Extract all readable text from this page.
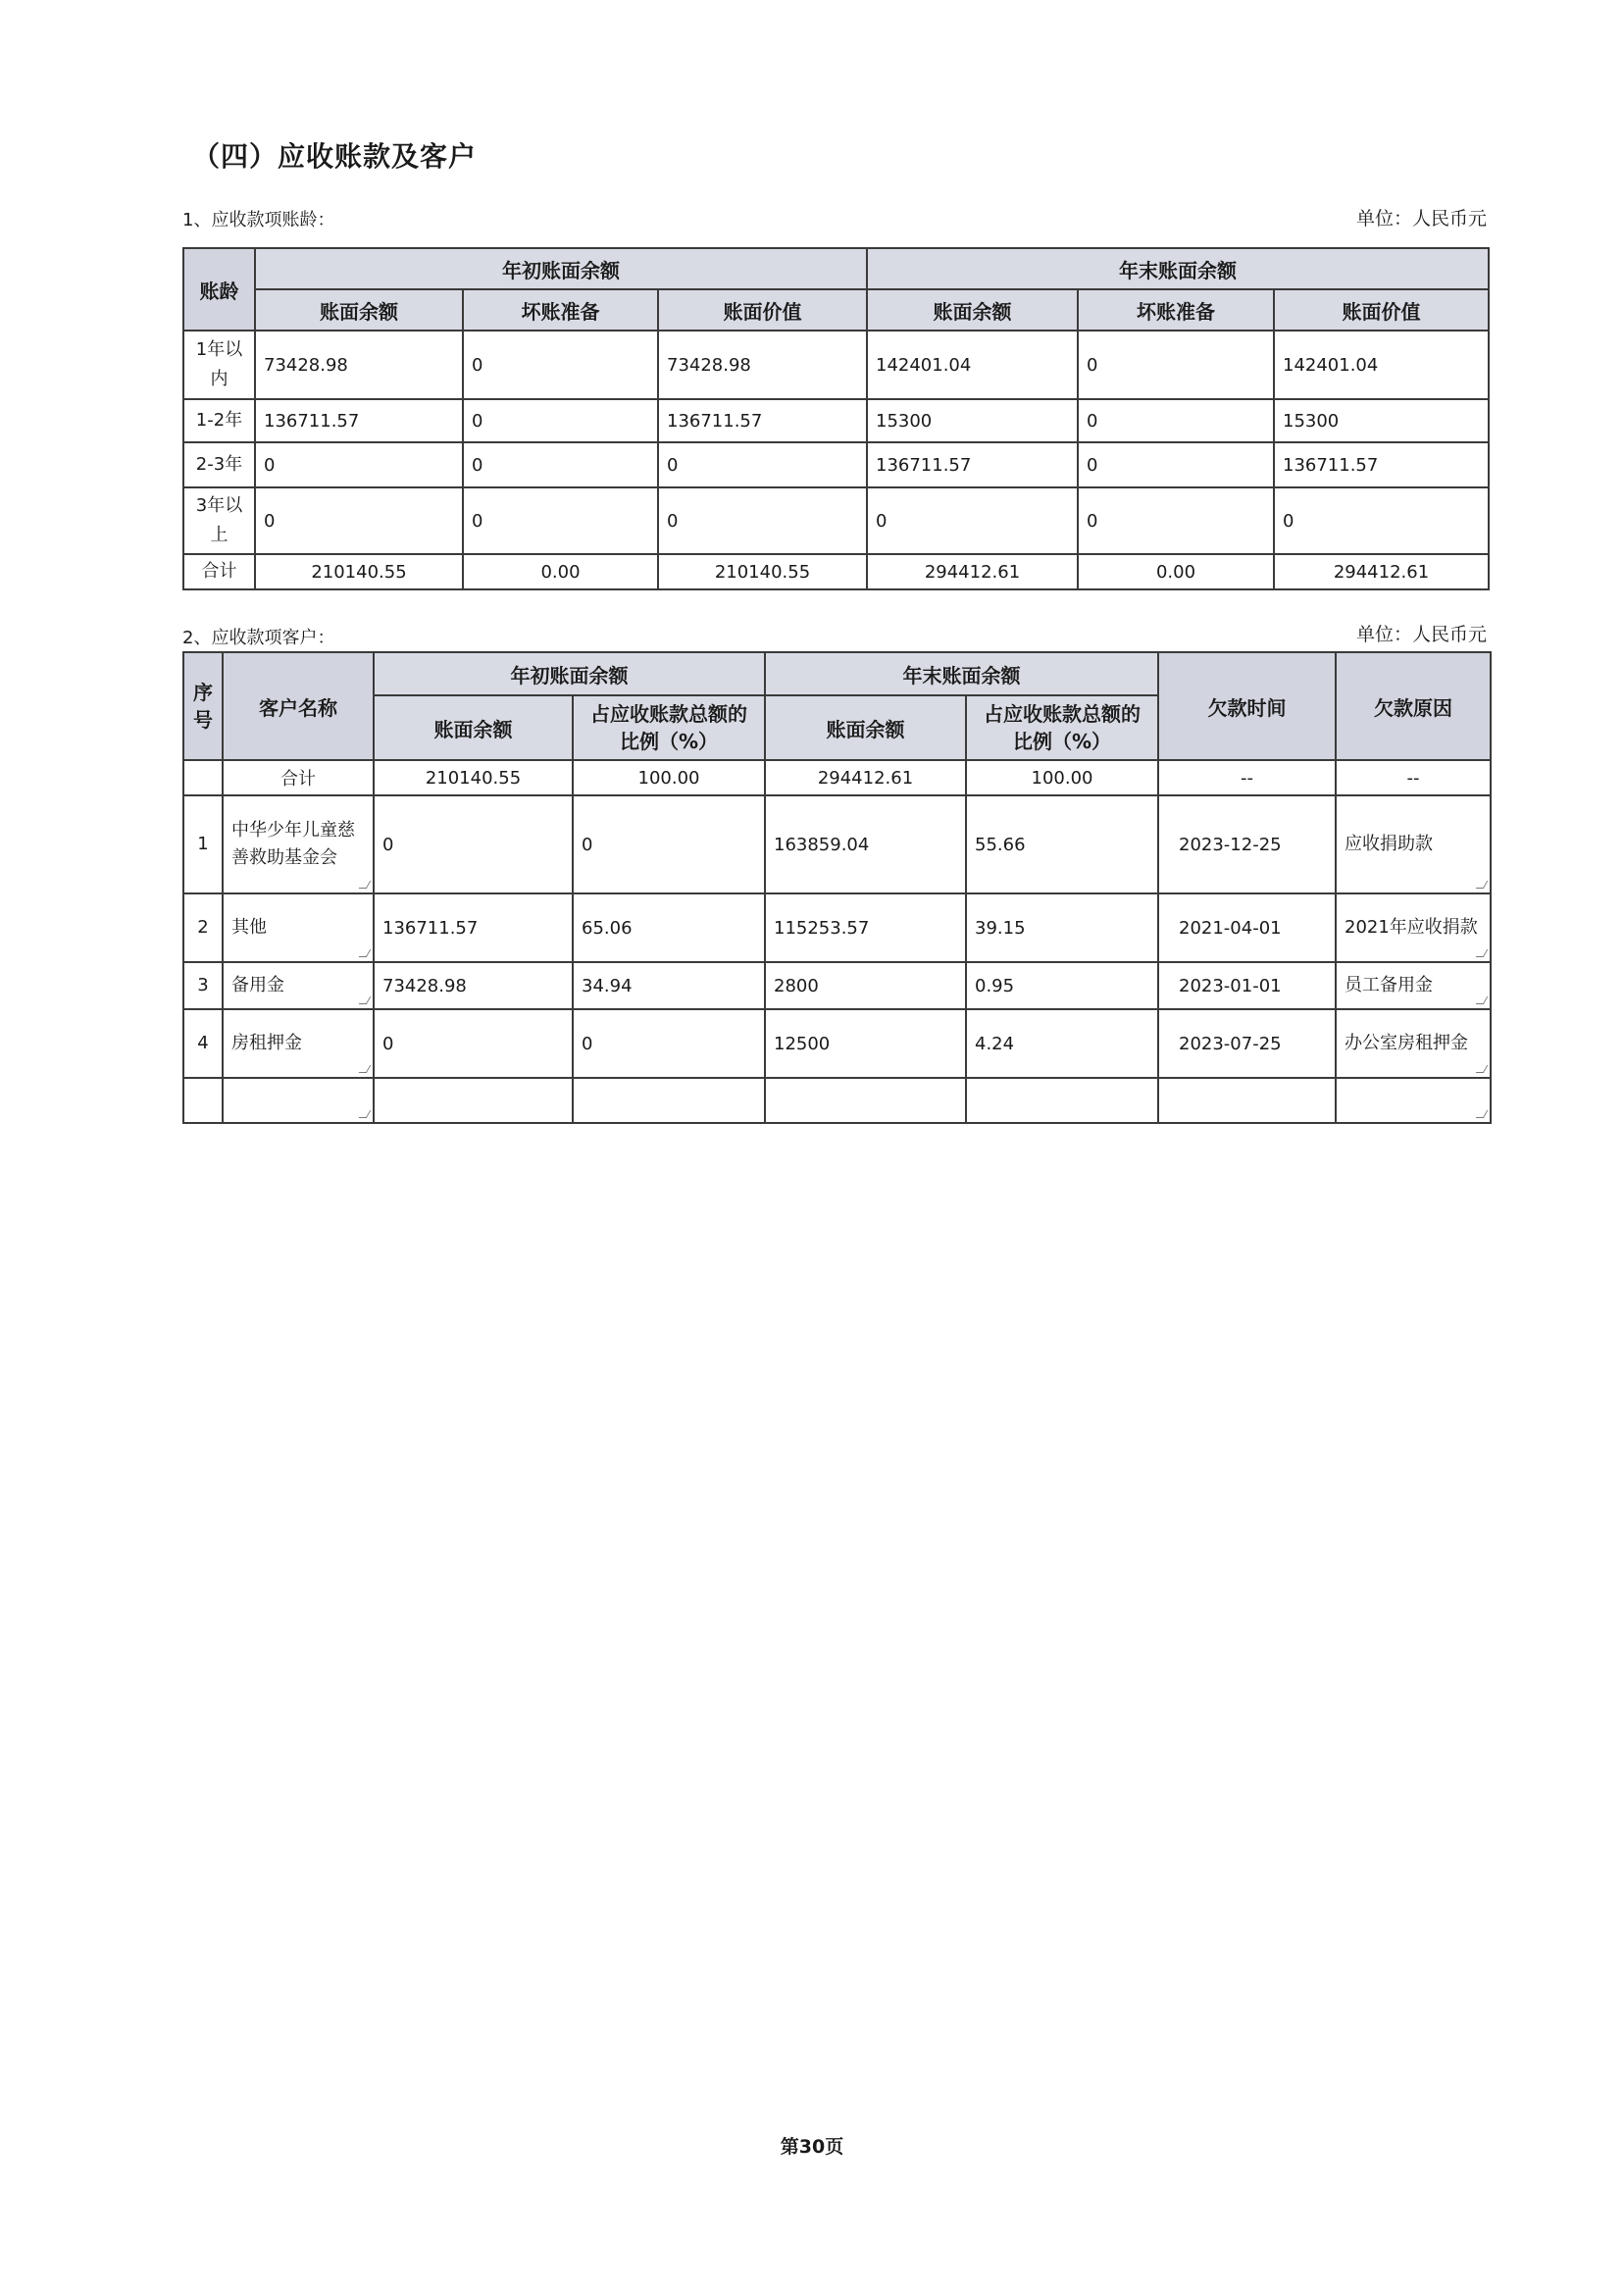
（四）应收账款及客户
1、应收款项账龄：	单位：人民币元
账龄	年初账面余额			年末账面余额		
	账面余额	坏账准备	账面价值	账面余额	坏账准备	账面价值
1年以内	73428.98	0	73428.98	142401.04	0	142401.04
1-2年	136711.57	0	136711.57	15300	0	15300
2-3年	0	0	0	136711.57	0	136711.57
3年以上	0	0	0	0	0	0
合计	210140.55	0.00	210140.55	294412.61	0.00	294412.61
2、应收款项客户：	单位：人民币元
序号	客户名称	年初账面余额		年末账面余额		欠款时间	欠款原因
		账面余额	占应收账款总额的比例（%）	账面余额	占应收账款总额的比例（%）		
	合计	210140.55	100.00	294412.61	100.00	--	--
1	中华少年儿童慈善救助基金会	0	0	163859.04	55.66	2023-12-25	应收捐助款
2	其他	136711.57	65.06	115253.57	39.15	2021-04-01	2021年应收捐款
3	备用金	73428.98	34.94	2800	0.95	2023-01-01	员工备用金
4	房租押金	0	0	12500	4.24	2023-07-25	办公室房租押金

第30页
